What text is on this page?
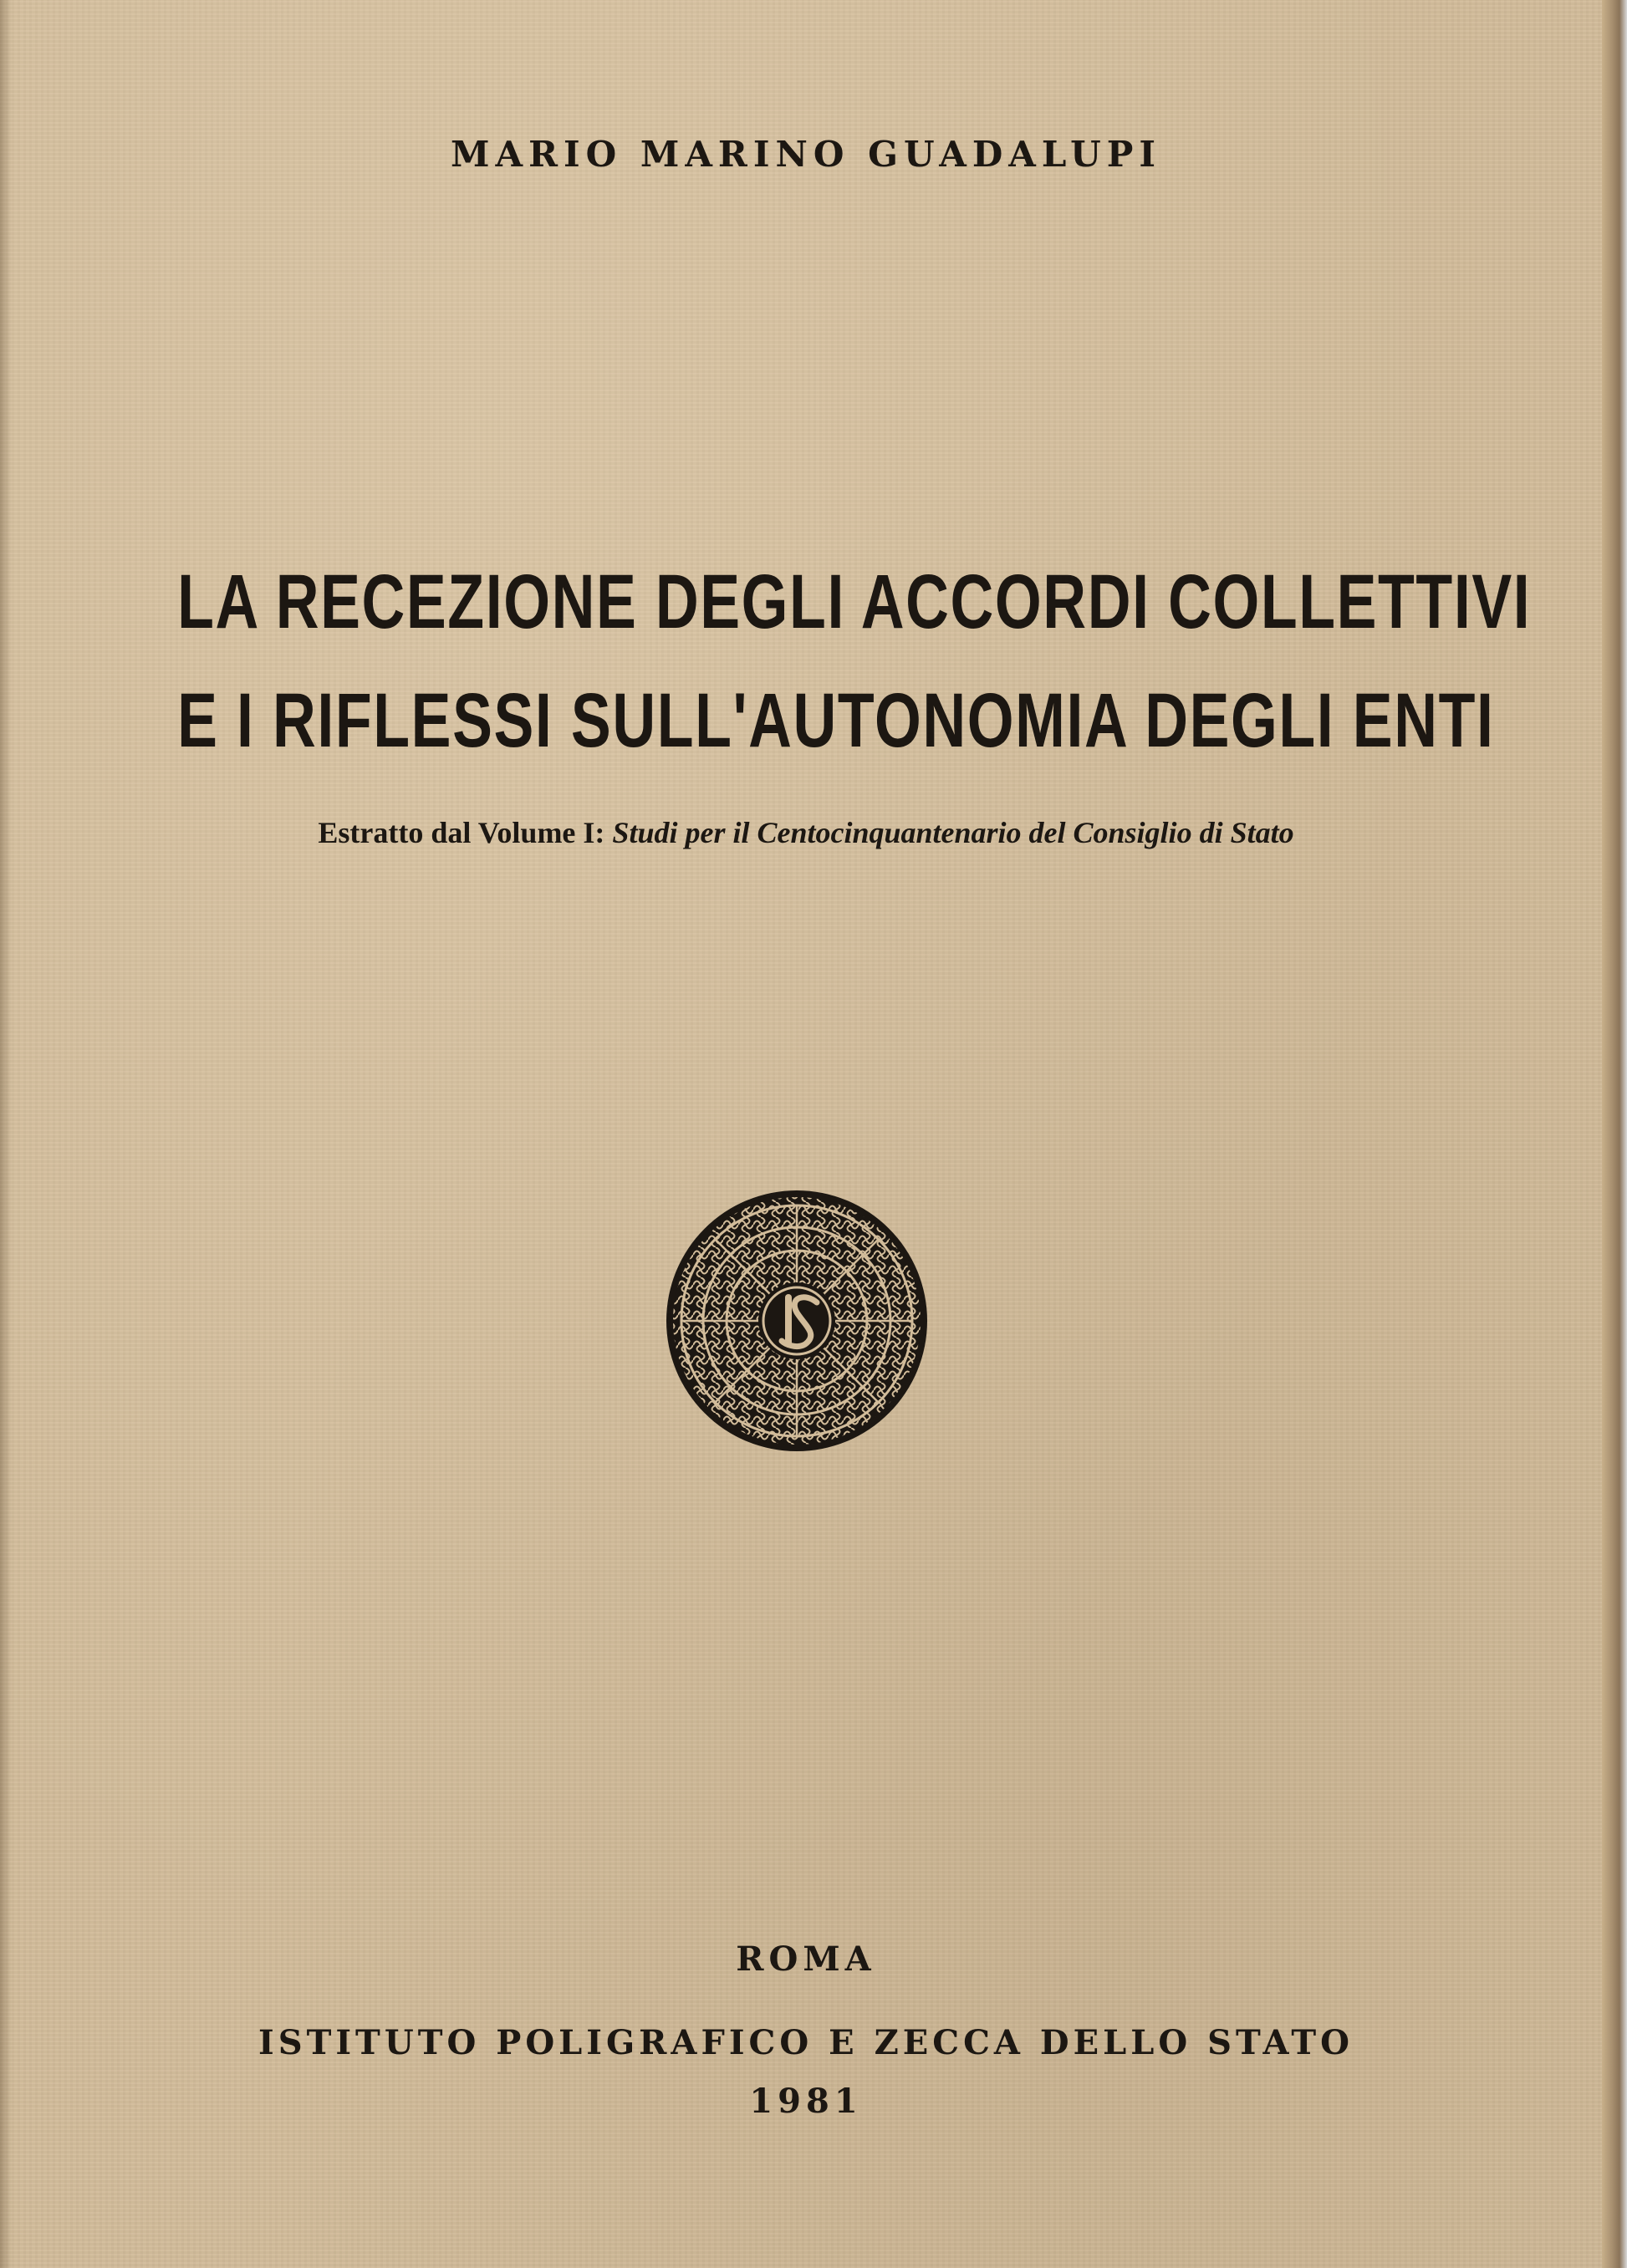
MARIO MARINO GUADALUPI
LA RECEZIONE DEGLI ACCORDI COLLETTIVI
E I RIFLESSI SULL'AUTONOMIA DEGLI ENTI
Estratto dal Volume I: Studi per il Centocinquantenario del Consiglio di Stato
ROMA
ISTITUTO POLIGRAFICO E ZECCA DELLO STATO
1981
